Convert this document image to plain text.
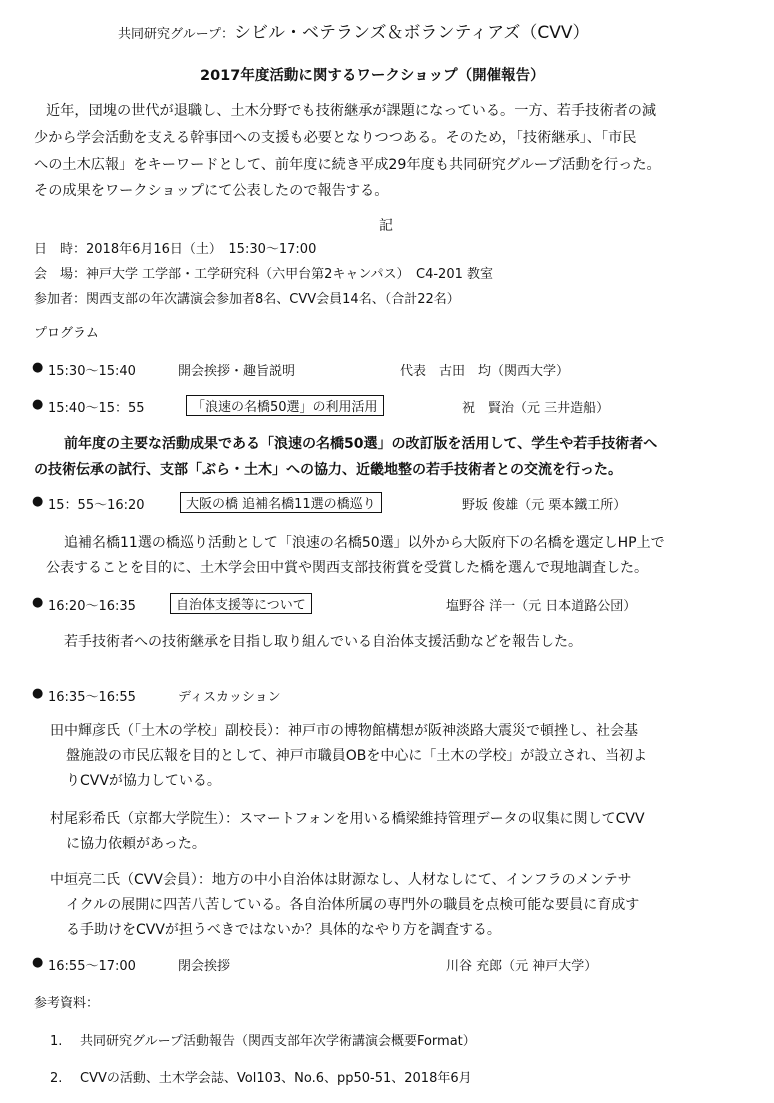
共同研究グループ：シビル・ベテランズ＆ボランティアズ（CVV）
2017年度活動に関するワークショップ（開催報告）
近年，団塊の世代が退職し、土木分野でも技術継承が課題になっている。一方、若手技術者の減
少から学会活動を支える幹事団への支援も必要となりつつある。そのため，「技術継承」、「市民
への土木広報」をキーワードとして、前年度に続き平成29年度も共同研究グループ活動を行った。
その成果をワークショップにて公表したので報告する。
記
日　時：2018年6月16日（土）　15:30〜17:00
会　場：神戸大学 工学部・工学研究科（六甲台第2キャンパス）　C4-201 教室
参加者：関西支部の年次講演会参加者8名、CVV会員14名、（合計22名）
プログラム
● 15:30〜15:40	開会挨拶・趣旨説明	代表　古田　均（関西大学）
● 15:40〜15：55	「浪速の名橋50選」の利用活用	祝　賢治（元 三井造船）
前年度の主要な活動成果である「浪速の名橋50選」の改訂版を活用して、学生や若手技術者へ
の技術伝承の試行、支部「ぶら・土木」への協力、近畿地整の若手技術者との交流を行った。
● 15：55〜16:20	大阪の橋 追補名橋11選の橋巡り	野坂 俊雄（元 栗本鐵工所）
追補名橋11選の橋巡り活動として「浪速の名橋50選」以外から大阪府下の名橋を選定しHP上で
公表することを目的に、土木学会田中賞や関西支部技術賞を受賞した橋を選んで現地調査した。
● 16:20〜16:35	自治体支援等について	塩野谷 洋一（元 日本道路公団）
若手技術者への技術継承を目指し取り組んでいる自治体支援活動などを報告した。
● 16:35〜16:55	ディスカッション
田中輝彦氏（「土木の学校」副校長）：神戸市の博物館構想が阪神淡路大震災で頓挫し、社会基
盤施設の市民広報を目的として、神戸市職員OBを中心に「土木の学校」が設立され、当初よ
りCVVが協力している。
村尾彩希氏（京都大学院生）：スマートフォンを用いる橋梁維持管理データの収集に関してCVV
に協力依頼があった。
中垣亮二氏（CVV会員）：地方の中小自治体は財源なし、人材なしにて、インフラのメンテサ
イクルの展開に四苦八苦している。各自治体所属の専門外の職員を点検可能な要員に育成す
る手助けをCVVが担うべきではないか？具体的なやり方を調査する。
● 16:55〜17:00	閉会挨拶	川谷 充郎（元 神戸大学）
参考資料：
1. 共同研究グループ活動報告（関西支部年次学術講演会概要Format）
2. CVVの活動、土木学会誌、Vol103、No.6、pp50-51、2018年6月
